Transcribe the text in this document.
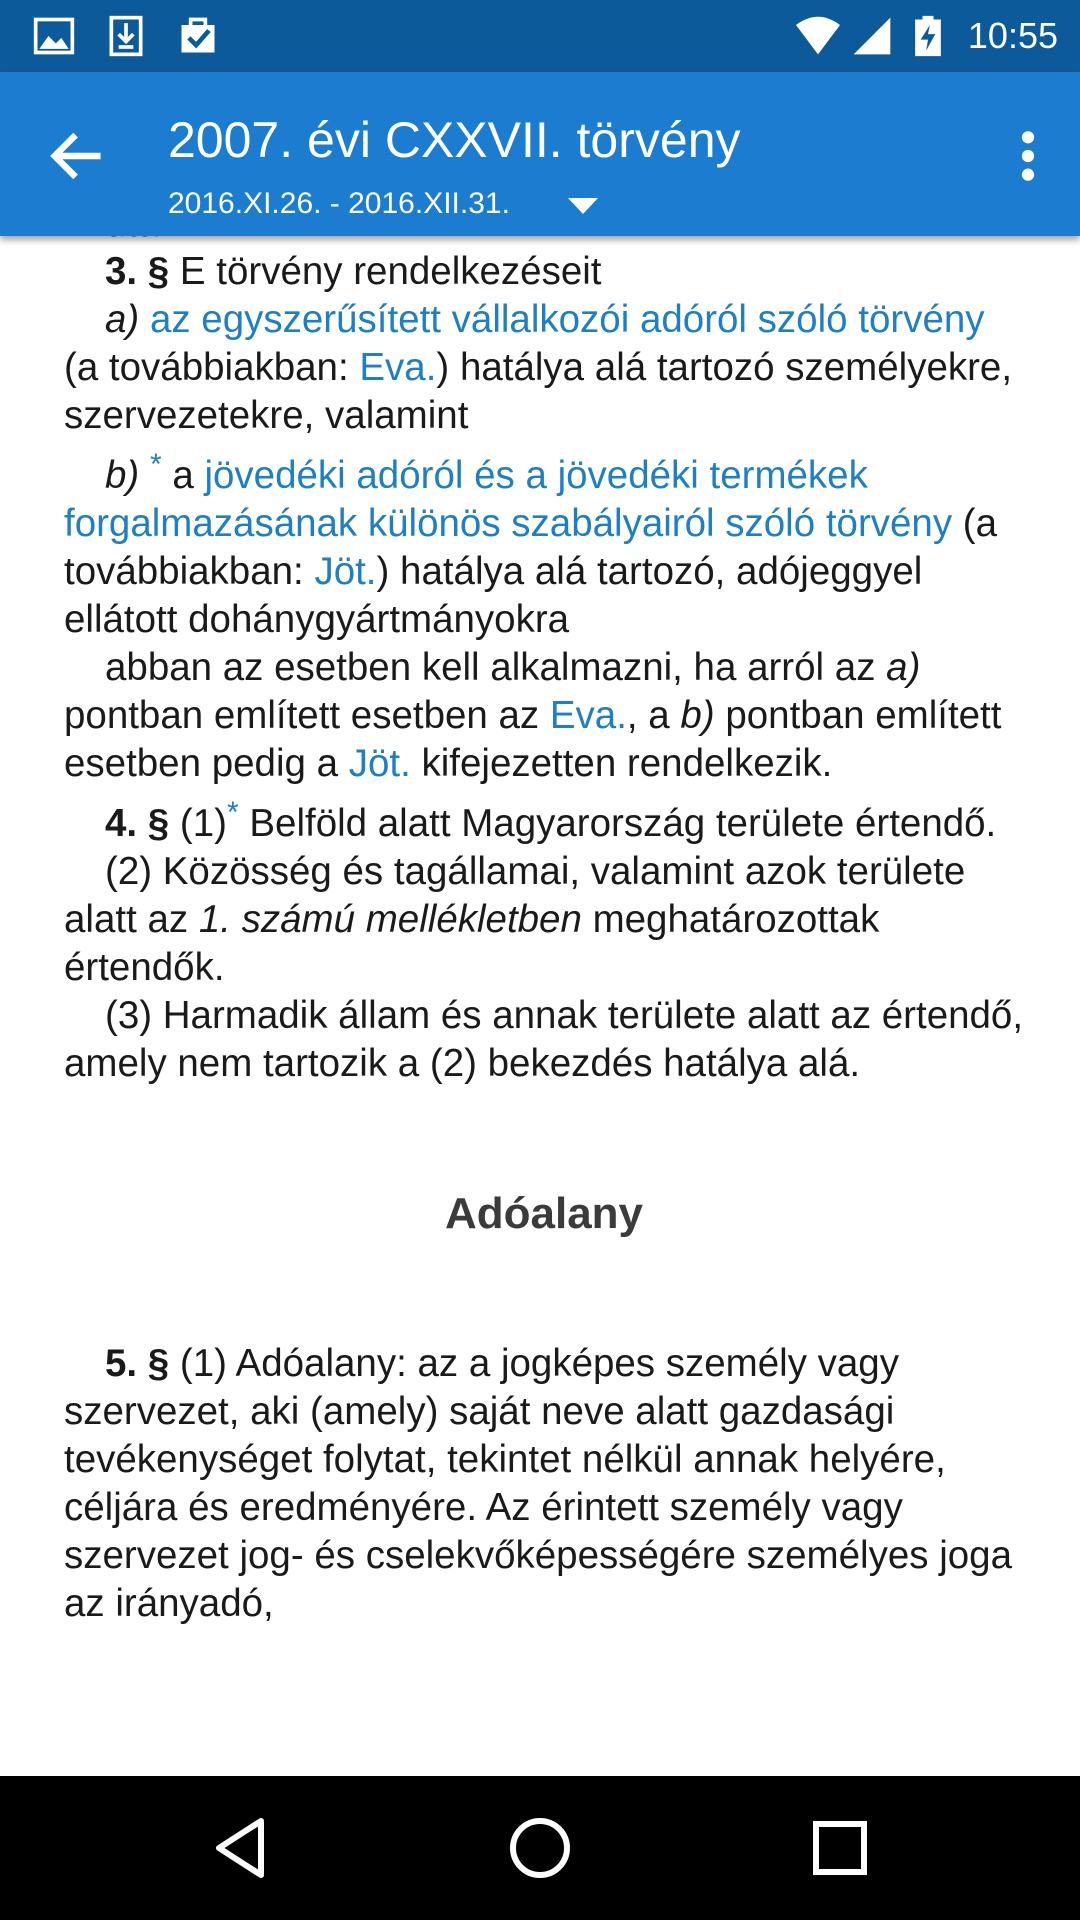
10:55
2007. évi CXXVII. törvény
2016.XI.26. - 2016.XII.31.

3. § E törvény rendelkezéseit

a) az egyszerűsített vállalkozói adóról szóló törvény (a továbbiakban: Eva.) hatálya alá tartozó személyekre, szervezetekre, valamint

b) * a jövedéki adóról és a jövedéki termékek forgalmazásának különös szabályairól szóló törvény (a továbbiakban: Jöt.) hatálya alá tartozó, adójeggyel ellátott dohánygyártmányokra

abban az esetben kell alkalmazni, ha arról az a) pontban említett esetben az Eva., a b) pontban említett esetben pedig a Jöt. kifejezetten rendelkezik.

4. § (1)* Belföld alatt Magyarország területe értendő.

(2) Közösség és tagállamai, valamint azok területe alatt az 1. számú mellékletben meghatározottak értendők.

(3) Harmadik állam és annak területe alatt az értendő, amely nem tartozik a (2) bekezdés hatálya alá.

Adóalany

5. § (1) Adóalany: az a jogképes személy vagy szervezet, aki (amely) saját neve alatt gazdasági tevékenységet folytat, tekintet nélkül annak helyére, céljára és eredményére. Az érintett személy vagy szervezet jog- és cselekvőképességére személyes joga az irányadó,
